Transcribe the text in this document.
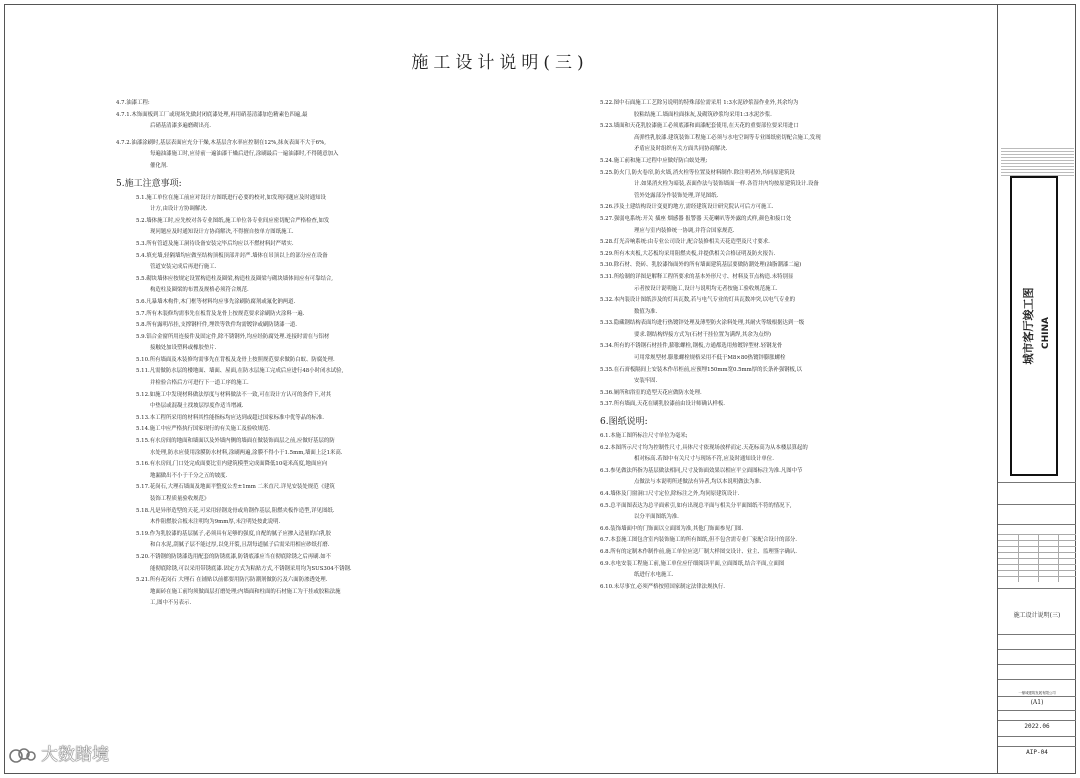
施工设计说明(三)

4.7.油漆工程:

4.7.1.木饰面板到工厂或现场先做封闭底漆处理,再用硝基清漆加色精素色四遍,最

后硝基清漆多遍磨砌出亮.

4.7.2.油漆涂刷时,基层表面应充分干燥,木基层含水率应控制在12%,抹灰表面不大于6%,

每遍油漆施工时,应待前一遍油漆干燥后进行,涂刷最后一遍油漆时,不得随意加入

催化剂.

5.施工注意事项:

5.1.施工单位在施工前应对设计方图纸进行必要的校对,如发现问题应及时通知设

计方,由设计方协调解决.

5.2.墙体施工时,应先校对各专业图纸,施工单位各专业间应密切配合严格检查,如发

现问题应及时通知设计方协商解决,不得擅自按单方图纸施工.

5.3.所有管道及施工洞待设备安装完毕后均应以不燃材料封严堵实.

5.4.填充墙,轻隔墙均应做至结构顶板顶部并封严.墙体在吊顶以上的部分应在设备

管道安装完成后再进行施工.

5.5.砌块墙体应按规定设置构造柱及圈梁,构造柱及圈梁与砌块墙体间应有可靠结合,

构造柱及圈梁的布置及规格必须符合规范.

5.6.凡暴墙木构件,木门框等材料均应事先涂刷防腐剂或氟化钠两道.

5.7.所有木装修均需事先在板背及龙骨上按规范要求涂刷防火涂料一遍.

5.8.所有露明吊挂,支撑钢杆件,埋铁等铁件均需镀锌或刷防锈漆一道.

5.9.铝合金窗所用连接件及固定件,除不锈钢外,均应经防腐处理.连接时需在与铝材

接触处加设塑料或橡胶垫片.

5.10.所有墙面及木装修均需事先在背板及龙骨上按照规范要求做防白蚁、防腐处理.

5.11.凡需做防水层的楼地面、墙面、屋面,在防水层施工完成后应进行48小时闭水试验,

并检验合格后方可进行下一道工序的施工.

5.12.如施工中发现材料做法厚度与材料做法不一致,可在设计方认可的条件下,对其

中垫层或混凝土找坡层厚度作适当增减.

5.13.本工程所采用的材料其性能指标均应达到或超过国家标准中优等品的标准.

5.14.施工中应严格执行国家现行的有关施工及验收规范.

5.15.有水房间的地面和墙面以及外墙内侧的墙面在做装饰面层之前,应做好基层的防

水处理,防水应使用涂膜防水材料,涂刷两遍,涂膜不得小于1.5mm,墙面上泛1米高.

5.16.有水房间,门口处完成面要比室内建筑模型完成面降低10毫米高度,地面应向

地漏做出不小于千分之五的坡度.

5.17.花岗石,大理石墙面及地面平整度公差±1mm 二米直尺.详见安装处规范《建筑

装饰工程质量验收规范》

5.18.凡是异形造型的天花,可采用轻钢龙骨或角钢作基层,阻燃夹板作造型,详见图纸.

木作阻燃胶合板未注明均为9mm厚,未注明处按此说明.

5.19.作为乳胶漆的基层腻子,必须具有足够的强度,自配的腻子应掺入适量的白乳胶

和白水泥,刮腻子层不能过厚,以免开裂,且刮每道腻子后需采用相应砂纸打磨.

5.20.不锈钢的防锈漆选用配套的防锈底漆,防锈底漆应当在彻底除锈之后再刷.如不

能彻底除锈,可以采用带锈底漆.固定方式为粘贴方式,不锈钢采用均为SUS304不锈钢.

5.21.所有花岗石 大理石 在铺贴以前都要用防污防潮剂做防污及六面防渗透处理.

地面砖在施工前均须做面层打磨处理;内墙面和柱面的石材施工为干挂或胶粘法施

工,图中不另表示.

5.22.图中石面施工工艺除另说明的特殊部位需采用 1:3水泥砂浆湿作业外,其余均为

胶粘结施工.墙面柱面抹灰,及砌筑砂浆均采用1:3水泥沙浆.

5.23.墙面和天花乳胶漆施工必须底漆和面漆配套使用,在天花的重要部位要采用进口

高弹性乳胶漆.建筑装饰工程施工必须与水电空调等专业图纸密切配合施工,发现

矛盾应及时组织有关方面共同协商解决.

5.24.施工前和施工过程中应做好防白蚁处理;

5.25.防火门,防火卷帘,防火墙,消火栓等位置及材料制作.除注明者外,均同原建筑设

计.如果消火栓为暗装,表面作法与装饰墙面一样.各管井内均按原建筑设计.设备

管外处露部分作装饰处理,详见图纸.

5.26.涉及土建结构设计变更的地方,需经建筑设计研究院认可后方可施工.

5.27.强弱电系统:开关 插座 烟感器 报警器 天花喇叭等外露的式样,颜色和接口处

理应与室内装修统一协调,并符合国家规范.

5.28.灯光音响系统:由专业公司设计,配合装修相关天花造型及尺寸要求.

5.29.所有木夹板,大芯板均采用阻燃夹板,并提供相关合格证明及防火报告.

5.30.除石材、瓷砖、乳胶漆饰面外的所有墙面建筑基层要做防潮处理(油脂潮漆二遍)

5.31.所绘制的详图是解释工程所要求的基本外形尺寸、材料及节点构造.未特别显

示者按设计说明施工,设计与说明均无者按施工验收规范施工.

5.32.本内装设计图纸涉及的灯具瓦数,若与电气专业的灯具瓦数冲突,以电气专业的

数值为准.

5.33.隐藏钢结构表面均进行热镀锌处理及薄型防火涂料处理,其耐火等级根据达到一级

要求.钢结构焊接方式为(石材干挂位置为满焊,其余为点焊)

5.34.所有的不锈钢石材挂件,膨胀螺栓,钢板,方通都选用热镀锌型材.轻钢龙骨

可用常规型材.膨胀螺栓规格采用不低于M8×80热镀锌膨胀螺栓

5.35.在石膏板隔间上安装木作吊柜前,应预埋150mm宽0.5mm厚的长条补强钢板,以

安装牢固.

5.36.厕所和浴室的造型天花应做防水处理.

5.37.所有墙面,天花在刷乳胶漆前由设计师确认样板.

6.图纸说明:

6.1.本施工图所标注尺寸单位为毫米;

6.2.本图所示尺寸均为控制性尺寸,具体尺寸依现场放样而定.天花标高为从本楼层算起的

相对标高.若图中有关尺寸与现场不符,应及时通知设计单位.

6.3.参见做法所指为基层做法相同,尺寸及饰面效果以相应平立面图标注为准.凡图中节

点做法与本说明所述做法有异者,均以本说明做法为准.

6.4.墙体及门窗洞口尺寸定位,除标注之外,均同原建筑设计.

6.5.总平面图表达为总平面索引,如有出现总平面与相关分平面图纸不符的情况下,

以分平面图纸为准.

6.6.装饰墙面中的门饰面以立面图为准,其他门饰面参见门图.

6.7.本套施工图包含室内装饰施工的所有图纸,但不包含需专业厂家配合设计的部分.

6.8.所有的定制木作制作前,施工单位应送厂制大样图交设计、业主、监理签字确认.

6.9.水电安装工程施工前,施工单位应仔细阅读平面,立面图纸,结合平面,立面图

纸进行水电施工.

6.10.未尽事宜,必须严格按照国家制定法律法规执行.

城市客厅竣工图 CHINA
施工设计说明(三)
一鼎城建筑发展有限公司
(A1)
2022.06
AIP-04
大数踏境
